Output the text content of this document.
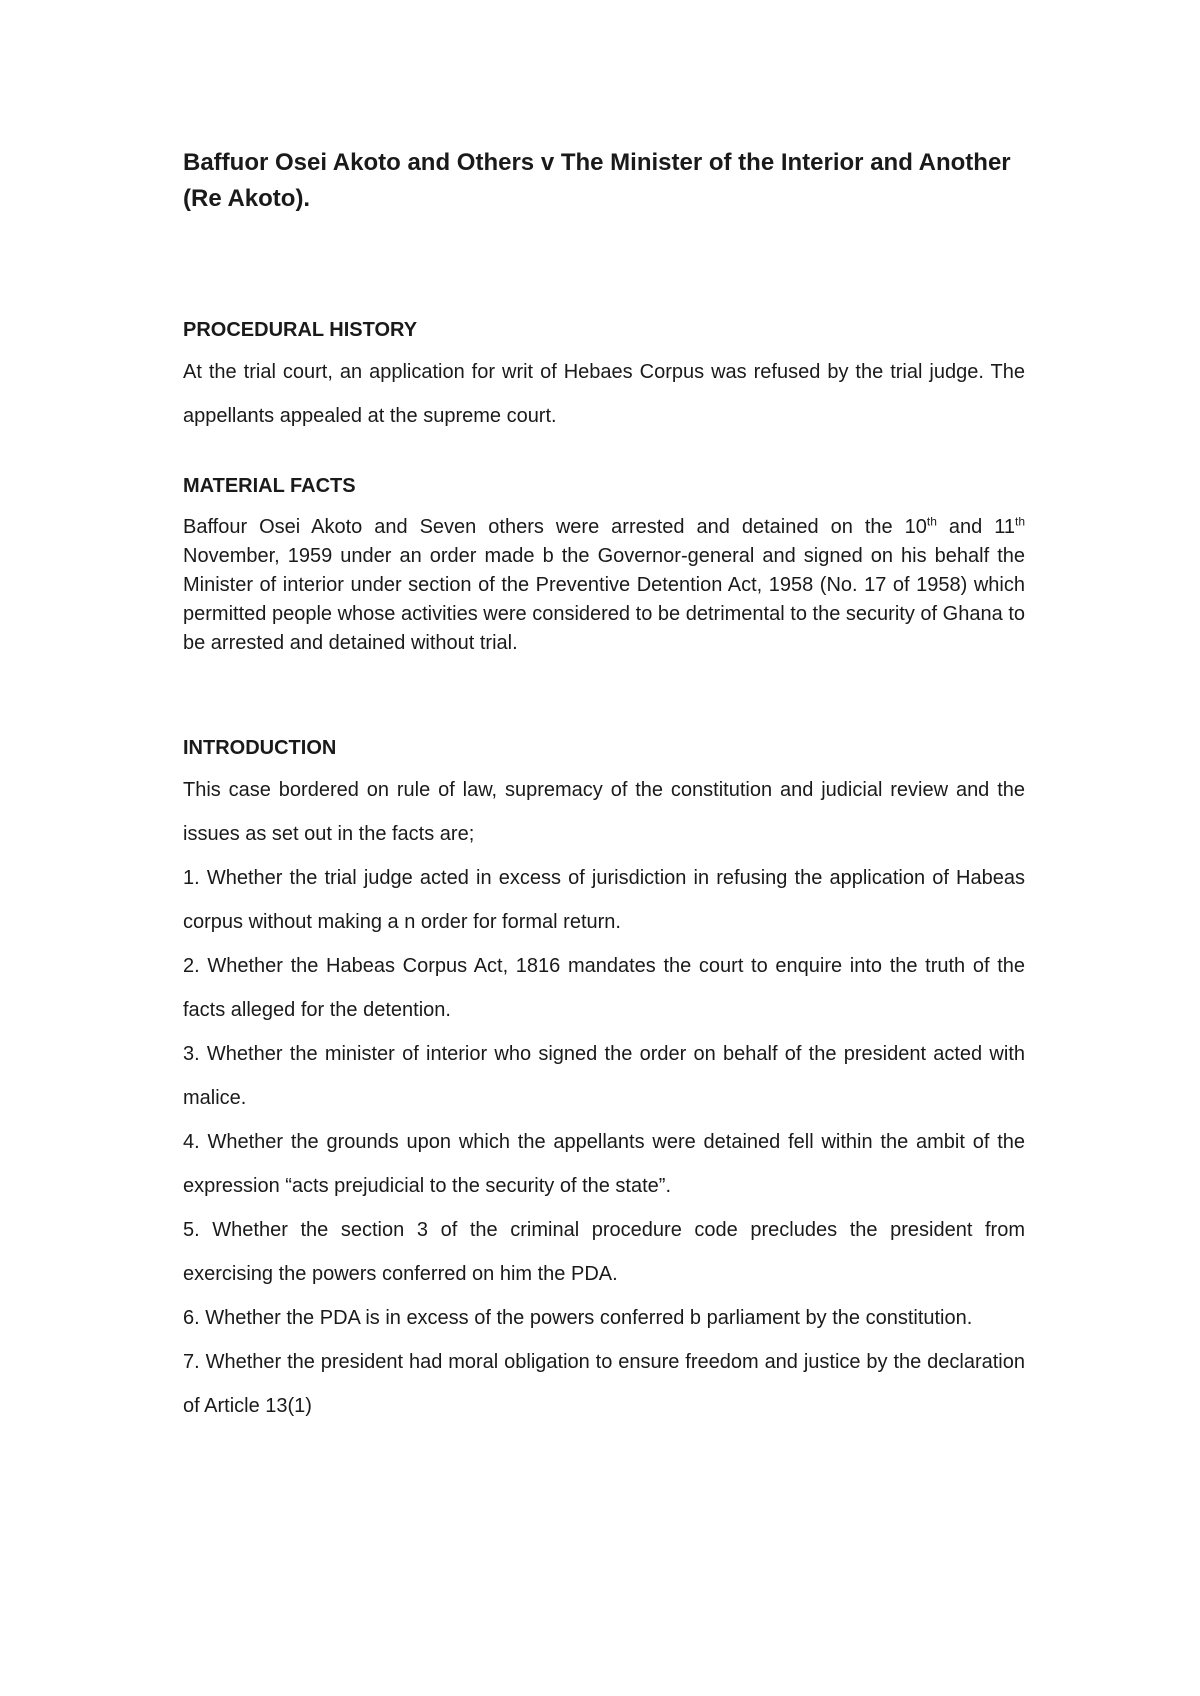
Baffuor Osei Akoto and Others v The Minister of the Interior and Another (Re Akoto).
PROCEDURAL HISTORY

At the trial court, an application for writ of Hebaes Corpus was refused by the trial judge. The appellants appealed at the supreme court.

MATERIAL FACTS

Baffour Osei Akoto and Seven others were arrested and detained on the 10th and 11th November, 1959 under an order made b the Governor-general and signed on his behalf the Minister of interior under section of the Preventive Detention Act, 1958 (No. 17 of 1958) which permitted people whose activities were considered to be detrimental to the security of Ghana to be arrested and detained without trial.

INTRODUCTION

This case bordered on rule of law, supremacy of the constitution and judicial review and the issues as set out in the facts are;

1. Whether the trial judge acted in excess of jurisdiction in refusing the application of Habeas corpus without making a n order for formal return.

2. Whether the Habeas Corpus Act, 1816 mandates the court to enquire into the truth of the facts alleged for the detention.

3. Whether the minister of interior who signed the order on behalf of the president acted with malice.

4. Whether the grounds upon which the appellants were detained fell within the ambit of the expression “acts prejudicial to the security of the state”.

5. Whether the section 3 of the criminal procedure code precludes the president from exercising the powers conferred on him the PDA.

6. Whether the PDA is in excess of the powers conferred b parliament by the constitution.

7. Whether the president had moral obligation to ensure freedom and justice by the declaration of Article 13(1)
